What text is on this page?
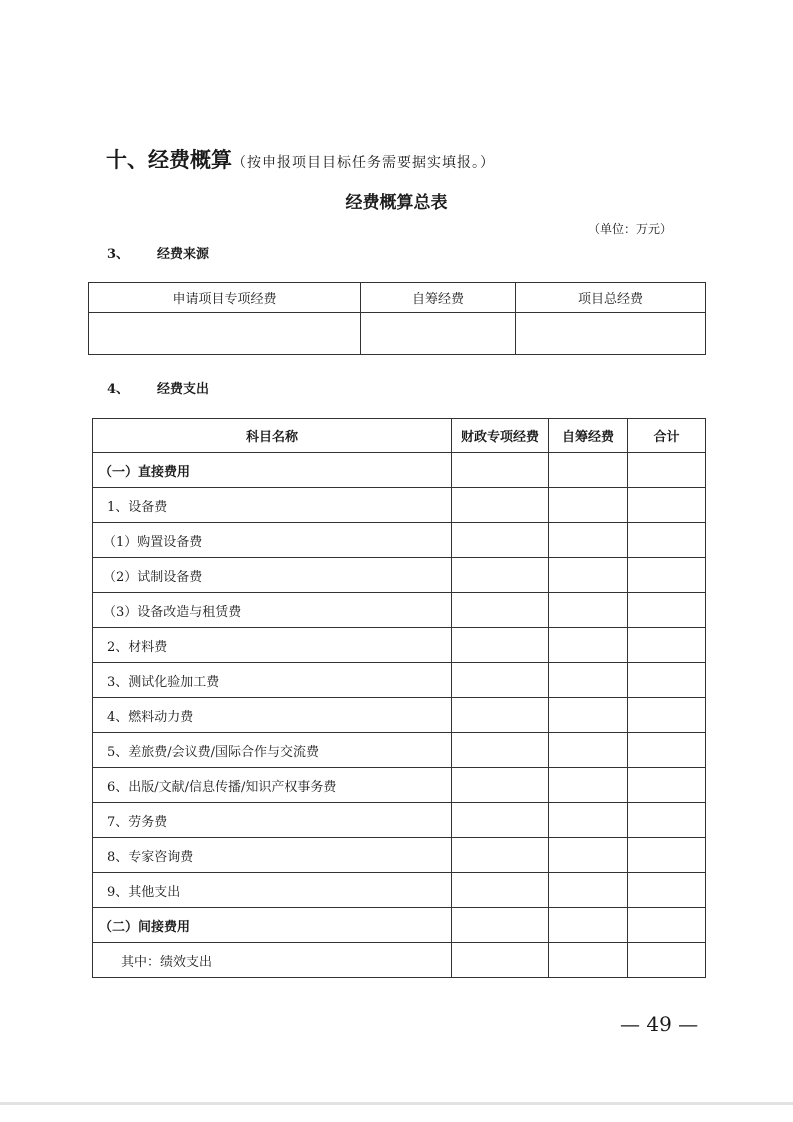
十、经费概算（按申报项目目标任务需要据实填报。）
经费概算总表
（单位：万元）
3、 经费来源
申请项目专项经费	自筹经费	项目总经费

4、 经费支出
科目名称	财政专项经费	自筹经费	合计
（一）直接费用			
1、设备费			
（1）购置设备费			
（2）试制设备费			
（3）设备改造与租赁费			
2、材料费			
3、测试化验加工费			
4、燃料动力费			
5、差旅费/会议费/国际合作与交流费			
6、出版/文献/信息传播/知识产权事务费			
7、劳务费			
8、专家咨询费			
9、其他支出			
（二）间接费用			
其中：绩效支出			
— 49 —
